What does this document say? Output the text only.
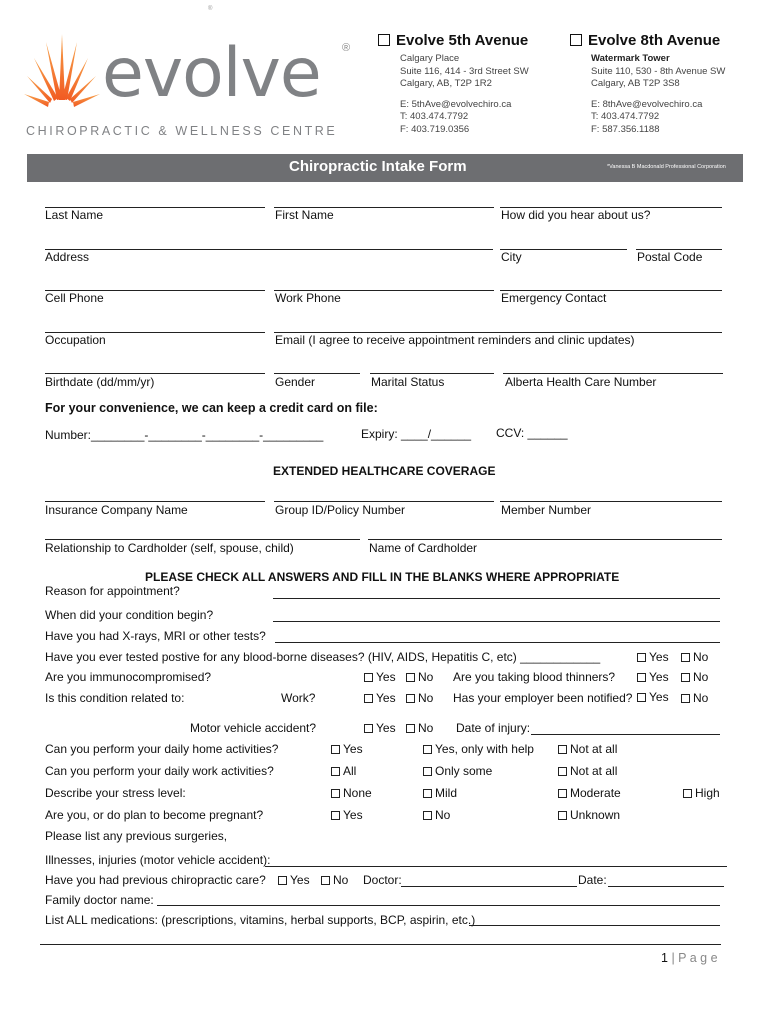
®
evolve ®
CHIROPRACTIC & WELLNESS CENTRE
Evolve 5th Avenue
Calgary Place
Suite 116, 414 - 3rd Street SW
Calgary, AB, T2P 1R2
E: 5thAve@evolvechiro.ca
T: 403.474.7792
F: 403.719.0356
Evolve 8th Avenue
Watermark Tower
Suite 110, 530 - 8th Avenue SW
Calgary, AB T2P 3S8
E: 8thAve@evolvechiro.ca
T: 403.474.7792
F: 587.356.1188
Chiropractic Intake Form	*Vanessa B Macdonald Professional Corporation
Last Name	First Name	How did you hear about us?
Address	City	Postal Code
Cell Phone	Work Phone	Emergency Contact
Occupation	Email (I agree to receive appointment reminders and clinic updates)
Birthdate (dd/mm/yr)	Gender	Marital Status	Alberta Health Care Number
For your convenience, we can keep a credit card on file:
Number:________-________-________-_________	Expiry: ____/______ CCV: ______
EXTENDED HEALTHCARE COVERAGE
Insurance Company Name	Group ID/Policy Number	Member Number
Relationship to Cardholder (self, spouse, child)	Name of Cardholder
PLEASE CHECK ALL ANSWERS AND FILL IN THE BLANKS WHERE APPROPRIATE
Reason for appointment?
When did your condition begin?
Have you had X-rays, MRI or other tests?
Have you ever tested postive for any blood-borne diseases? (HIV, AIDS, Hepatitis C, etc) ____________	Yes	No
Are you immunocompromised?	Yes	No Are you taking blood thinners?	Yes	No
Is this condition related to:	Work?	Yes	No Has your employer been notified?	Yes	No
Motor vehicle accident?	Yes	No Date of injury:
Can you perform your daily home activities?	Yes	Yes, only with help	Not at all
Can you perform your daily work activities?	All	Only some	Not at all
Describe your stress level:	None	Mild	Moderate	High
Are you, or do plan to become pregnant?	Yes	No	Unknown
Please list any previous surgeries,
Illnesses, injuries (motor vehicle accident):
Have you had previous chiropractic care?	Yes	No Doctor:	Date:
Family doctor name:
List ALL medications: (prescriptions, vitamins, herbal supports, BCP, aspirin, etc.)
1 | P a g e
